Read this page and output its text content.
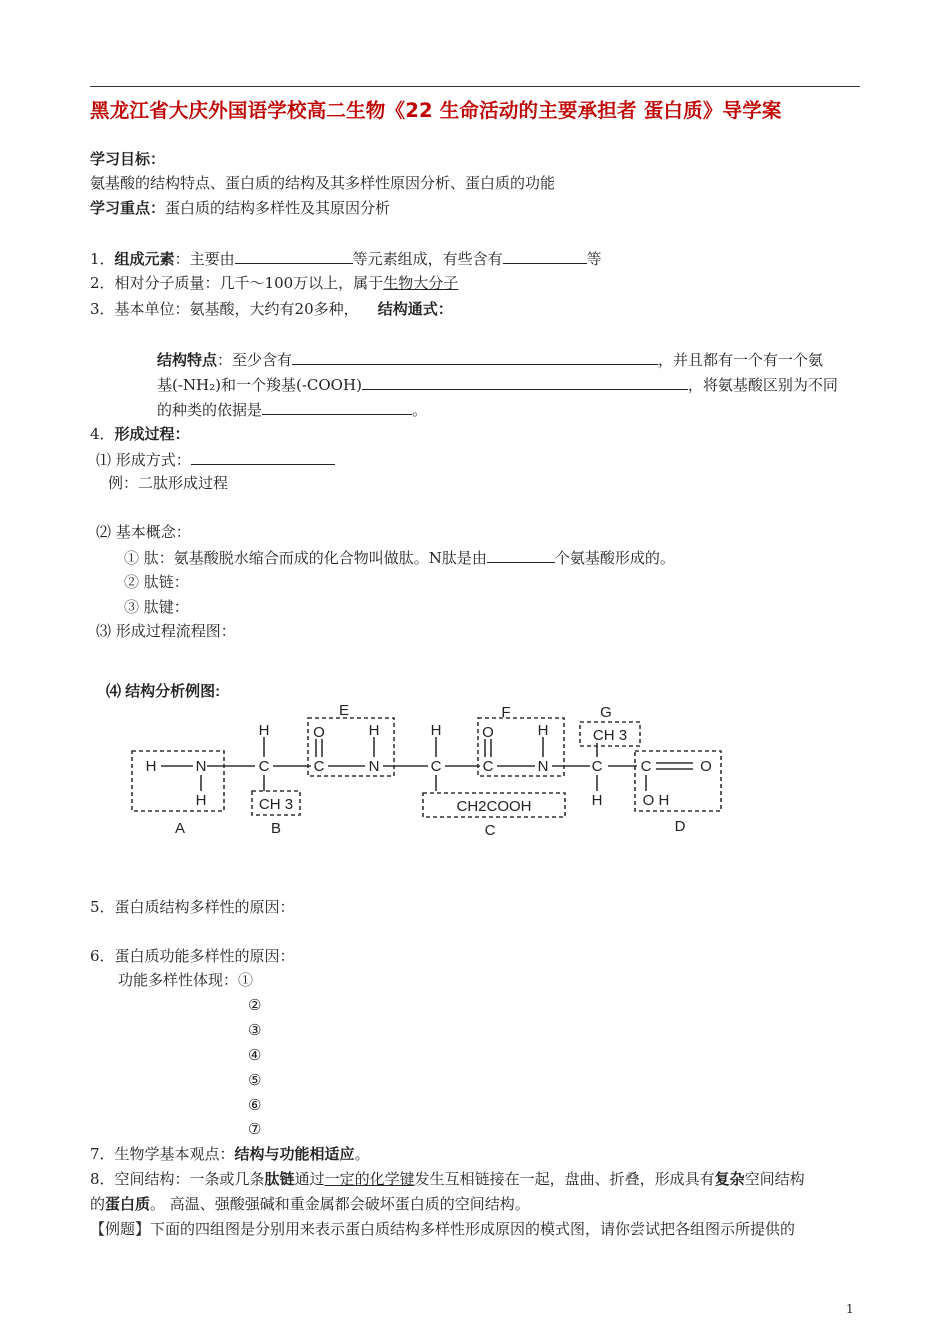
黑龙江省大庆外国语学校高二生物《22 生命活动的主要承担者 蛋白质》导学案
学习目标：
氨基酸的结构特点、蛋白质的结构及其多样性原因分析、蛋白质的功能
学习重点：蛋白质的结构多样性及其原因分析
1．组成元素：主要由	等元素组成，有些含有	等
2．相对分子质量：几千～100万以上，属于生物大分子
3．基本单位：氨基酸，大约有20多种， 结构通式：
结构特点：至少含有	，并且都有一个有一个氨
基(-NH₂)和一个羧基(-COOH)	，将氨基酸区别为不同
的种类的依据是	。
4．形成过程：
⑴ 形成方式：
例：二肽形成过程
⑵ 基本概念：
① 肽：氨基酸脱水缩合而成的化合物叫做肽。N肽是由	个氨基酸形成的。
② 肽链：
③ 肽键：
⑶ 形成过程流程图：
⑷ 结构分析例图:
H	N
H
H
C
CH 3
O
C
H
N
H
C
CH2COOH
O
C
H
N
CH 3
C
H
C	O
O H
A	B	C	D
E	F	G
5．蛋白质结构多样性的原因：
6．蛋白质功能多样性的原因：
功能多样性体现：①
②
③
④
⑤
⑥
⑦
7．生物学基本观点：结构与功能相适应。
8．空间结构：一条或几条肽链通过一定的化学键发生互相链接在一起，盘曲、折叠，形成具有复杂空间结构
的蛋白质。 高温、强酸强碱和重金属都会破坏蛋白质的空间结构。
【例题】下面的四组图是分别用来表示蛋白质结构多样性形成原因的模式图，请你尝试把各组图示所提供的
1
